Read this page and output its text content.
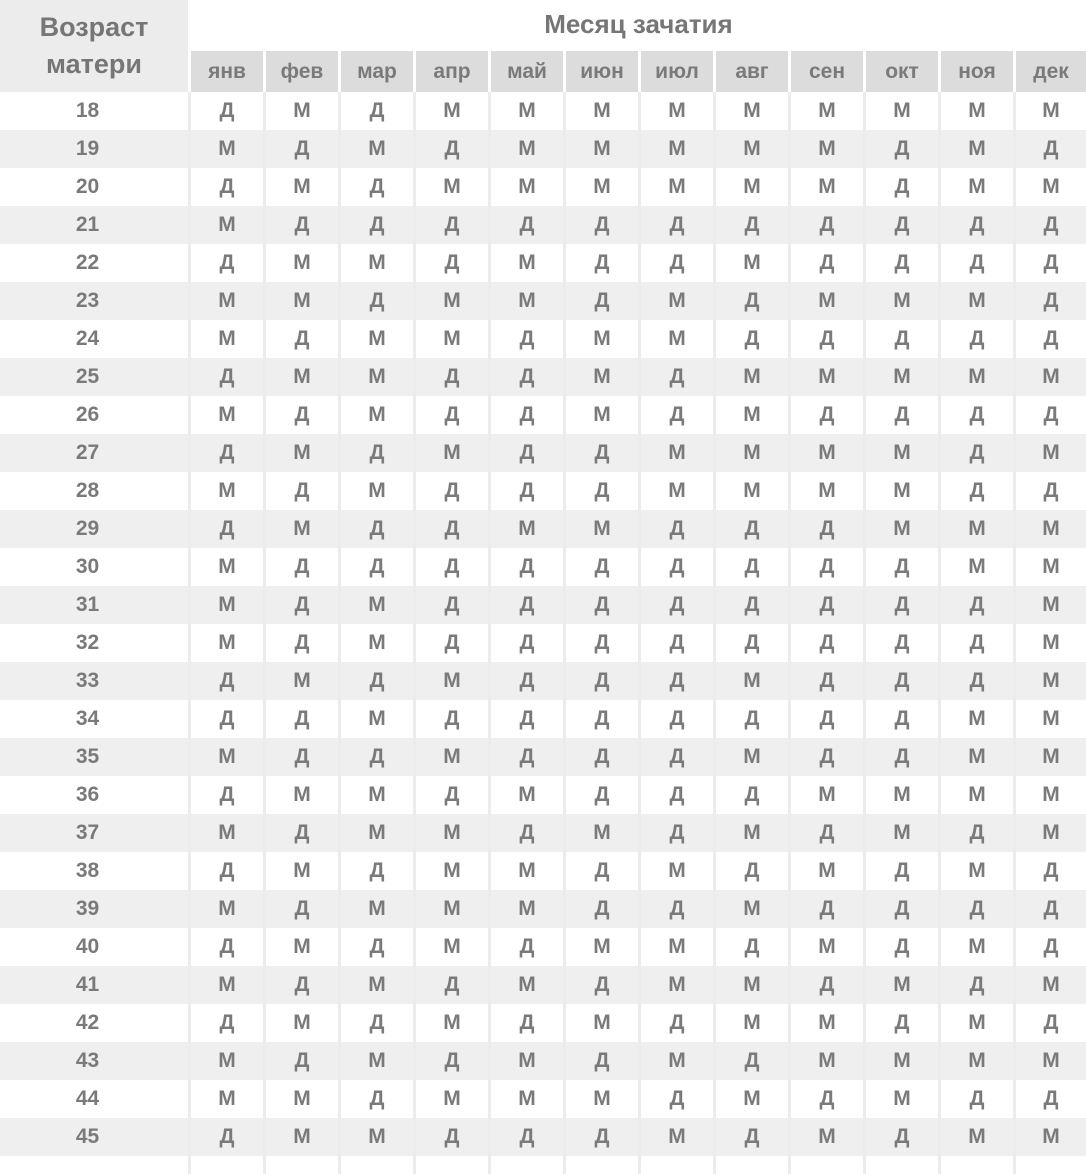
Возраст
матери
Месяц зачатия
янв	фев	мар	апр	май	июн	июл	авг	сен	окт	ноя	дек
18	Д	М	Д	М	М	М	М	М	М	М	М	М
19	М	Д	М	Д	М	М	М	М	М	Д	М	Д
20	Д	М	Д	М	М	М	М	М	М	Д	М	М
21	М	Д	Д	Д	Д	Д	Д	Д	Д	Д	Д	Д
22	Д	М	М	Д	М	Д	Д	М	Д	Д	Д	Д
23	М	М	Д	М	М	Д	М	Д	М	М	М	Д
24	М	Д	М	М	Д	М	М	Д	Д	Д	Д	Д
25	Д	М	М	Д	Д	М	Д	М	М	М	М	М
26	М	Д	М	Д	Д	М	Д	М	Д	Д	Д	Д
27	Д	М	Д	М	Д	Д	М	М	М	М	Д	М
28	М	Д	М	Д	Д	Д	М	М	М	М	Д	Д
29	Д	М	Д	Д	М	М	Д	Д	Д	М	М	М
30	М	Д	Д	Д	Д	Д	Д	Д	Д	Д	М	М
31	М	Д	М	Д	Д	Д	Д	Д	Д	Д	Д	М
32	М	Д	М	Д	Д	Д	Д	Д	Д	Д	Д	М
33	Д	М	Д	М	Д	Д	Д	М	Д	Д	Д	М
34	Д	Д	М	Д	Д	Д	Д	Д	Д	Д	М	М
35	М	Д	Д	М	Д	Д	Д	М	Д	Д	М	М
36	Д	М	М	Д	М	Д	Д	Д	М	М	М	М
37	М	Д	М	М	Д	М	Д	М	Д	М	Д	М
38	Д	М	Д	М	М	Д	М	Д	М	Д	М	Д
39	М	Д	М	М	М	Д	Д	М	Д	Д	Д	Д
40	Д	М	Д	М	Д	М	М	Д	М	Д	М	Д
41	М	Д	М	Д	М	Д	М	М	Д	М	Д	М
42	Д	М	Д	М	Д	М	Д	М	М	Д	М	Д
43	М	Д	М	Д	М	Д	М	Д	М	М	М	М
44	М	М	Д	М	М	М	Д	М	Д	М	Д	Д
45	Д	М	М	Д	Д	Д	М	Д	М	Д	М	М
